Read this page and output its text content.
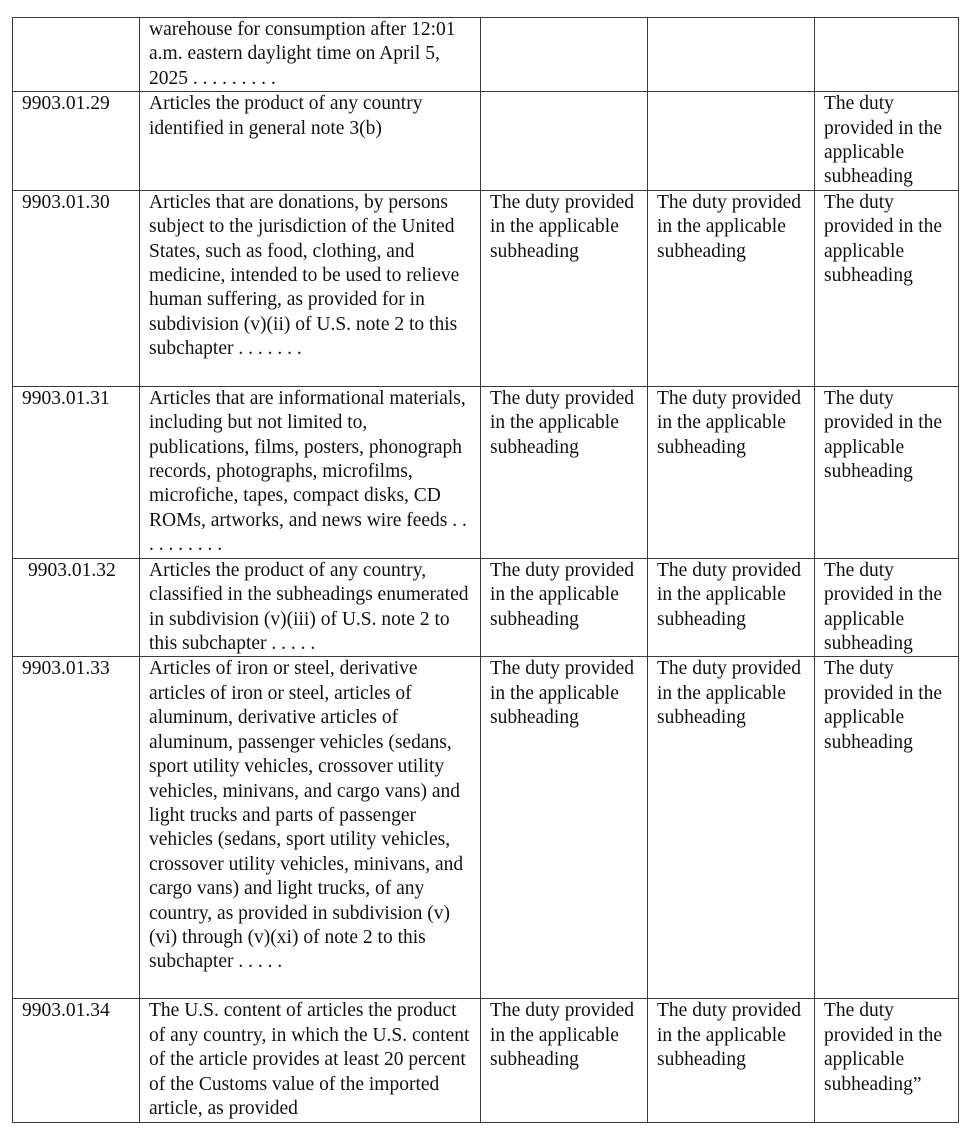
	warehouse for consumption after 12:01 a.m. eastern daylight time on April 5, 2025 . . . . . . . . .			

9903.01.29	Articles the product of any country identified in general note 3(b)			The duty provided in the applicable subheading

9903.01.30	Articles that are donations, by persons subject to the jurisdiction of the United States, such as food, clothing, and medicine, intended to be used to relieve human suffering, as provided for in subdivision (v)(ii) of U.S. note 2 to this subchapter . . . . . . .	The duty provided in the applicable subheading	The duty provided in the applicable subheading	The duty provided in the applicable subheading

9903.01.31	Articles that are informational materials, including but not limited to, publications, films, posters, phonograph records, photographs, microfilms, microfiche, tapes, compact disks, CD ROMs, artworks, and news wire feeds . . . . . . . . . .	The duty provided in the applicable subheading	The duty provided in the applicable subheading	The duty provided in the applicable subheading

9903.01.32	Articles the product of any country, classified in the subheadings enumerated in subdivision (v)(iii) of U.S. note 2 to this subchapter . . . . .	The duty provided in the applicable subheading	The duty provided in the applicable subheading	The duty provided in the applicable subheading

9903.01.33	Articles of iron or steel, derivative articles of iron or steel, articles of aluminum, derivative articles of aluminum, passenger vehicles (sedans, sport utility vehicles, crossover utility vehicles, minivans, and cargo vans) and light trucks and parts of passenger vehicles (sedans, sport utility vehicles, crossover utility vehicles, minivans, and cargo vans) and light trucks, of any country, as provided in subdivision (v)(vi) through (v)(xi) of note 2 to this subchapter . . . . .	The duty provided in the applicable subheading	The duty provided in the applicable subheading	The duty provided in the applicable subheading

9903.01.34	The U.S. content of articles the product of any country, in which the U.S. content of the article provides at least 20 percent of the Customs value of the imported article, as provided	The duty provided in the applicable subheading	The duty provided in the applicable subheading	The duty provided in the applicable subheading”
